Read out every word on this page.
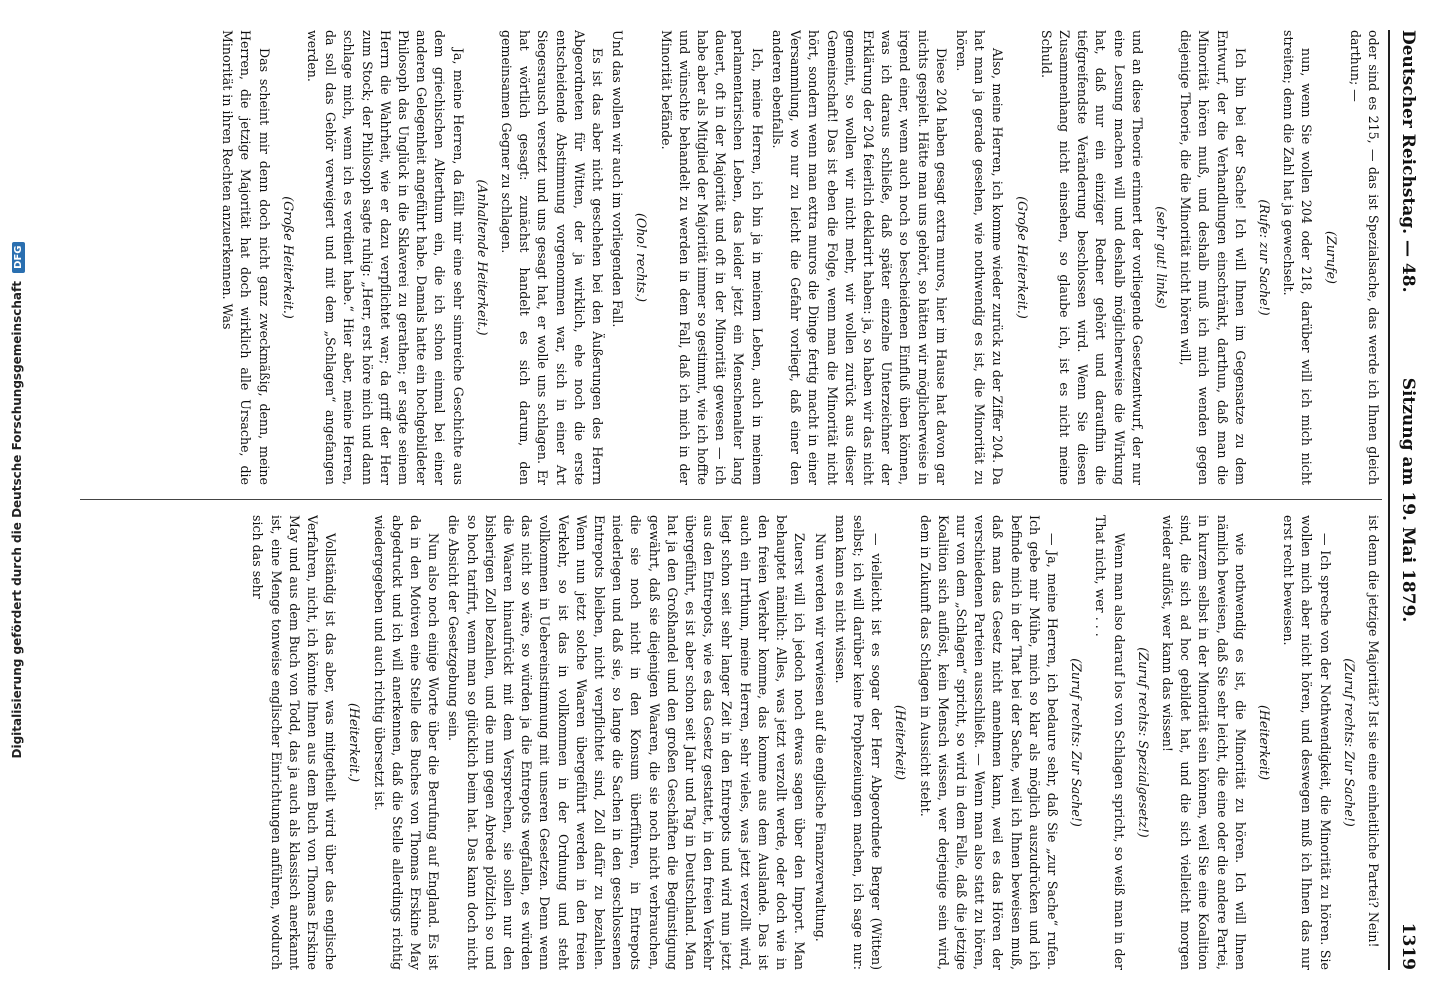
Deutscher Reichstag. — 48.
Sitzung am 19. Mai 1879.
1319

oder sind es 215, — das ist Spezialsache, das werde ich Ihnen gleich darthun; —

(Zurufe)

nun, wenn Sie wollen 204 oder 218, darüber will ich mich nicht streiten; denn die Zahl hat ja gewechselt.

(Rufe: zur Sache!)

Ich bin bei der Sache! Ich will Ihnen im Gegensatze zu dem Entwurf, der die Verhandlungen einschränkt, darthun, daß man die Minorität hören muß, und deshalb muß ich mich wenden gegen diejenige Theorie, die die Minorität nicht hören will,

(sehr gut! links)

und an diese Theorie erinnert der vorliegende Gesetzentwurf, der nur eine Lesung machen will und deshalb möglicherweise die Wirkung hat, daß nur ein einziger Redner gehört und daraufhin die tiefgreifendste Veränderung beschlossen wird. Wenn Sie diesen Zusammenhang nicht einsehen, so glaube ich, ist es nicht meine Schuld.

(Große Heiterkeit.)

Also, meine Herren, ich komme wieder zurück zu der Ziffer 204. Da hat man ja gerade gesehen, wie nothwendig es ist, die Minorität zu hören.

Diese 204 haben gesagt extra muros, hier im Hause hat davon gar nichts gespielt. Hätte man uns gehört, so hätten wir möglicherweise in irgend einer, wenn auch noch so bescheidenen Einfluß üben können, was ich daraus schließe, daß später einzelne Unterzeichner der Erklärung der 204 feierlich deklarirt haben: ja, so haben wir das nicht gemeint, so wollen wir nicht mehr, wir wollen zurück aus dieser Gemeinschaft! Das ist eben die Folge, wenn man die Minorität nicht hört, sondern wenn man extra muros die Dinge fertig macht in einer Versammlung, wo nur zu leicht die Gefahr vorliegt, daß einer den anderen ebenfalls.

Ich, meine Herren, ich bin ja in meinem Leben, auch in meinem parlamentarischen Leben, das leider jetzt ein Menschenalter lang dauert, oft in der Majorität und oft in der Minorität gewesen — ich habe aber als Mitglied der Majorität immer so gestimmt, wie ich hoffte und wünschte behandelt zu werden in dem Fall, daß ich mich in der Minorität befände.

(Oho! rechts.)

Und das wollen wir auch im vorliegenden Fall.

Es ist das aber nicht geschehen bei den Äußerungen des Herrn Abgeordneten für Witten, der ja wirklich, ehe noch die erste entscheidende Abstimmung vorgenommen war, sich in einer Art Siegesrausch versetzt und uns gesagt hat, er wolle uns schlagen. Er hat wörtlich gesagt: zunächst handelt es sich darum, den gemeinsamen Gegner zu schlagen.

(Anhaltende Heiterkeit.)

Ja, meine Herren, da fällt mir eine sehr sinnreiche Geschichte aus dem griechischen Alterthum ein, die ich schon einmal bei einer anderen Gelegenheit angeführt habe. Damals hatte ein hochgebildeter Philosoph das Unglück in die Sklaverei zu gerathen; er sagte seinem Herrn die Wahrheit, wie er dazu verpflichtet war; da griff der Herr zum Stock; der Philosoph sagte ruhig: „Herr, erst höre mich und dann schlage mich, wenn ich es verdient habe.“ Hier aber, meine Herren, da soll das Gehör verweigert und mit dem „Schlagen“ angefangen werden.

(Große Heiterkeit.)

Das scheint mir denn doch nicht ganz zweckmäßig, denn, meine Herren, die jetzige Majorität hat doch wirklich alle Ursache, die Minorität in ihren Rechten anzuerkennen. Was

ist denn die jetzige Majorität? Ist sie eine einheitliche Partei? Nein!

(Zuruf rechts: Zur Sache!)

— Ich spreche von der Nothwendigkeit, die Minorität zu hören. Sie wollen mich aber nicht hören, und deswegen muß ich Ihnen das nur erst recht beweisen.

(Heiterkeit)

wie nothwendig es ist, die Minorität zu hören. Ich will Ihnen nämlich beweisen, daß Sie sehr leicht, die eine oder die andere Partei, in kurzem selbst in der Minorität sein können, weil Sie eine Koalition sind, die sich ad hoc gebildet hat, und die sich vielleicht morgen wieder auflöst, wer kann das wissen!

(Zuruf rechts: Spezialgesetz!)

Wenn man also darauf los von Schlagen spricht, so weiß man in der That nicht, wer . . .

(Zuruf rechts: Zur Sache!)

— Ja, meine Herren, ich bedaure sehr, daß Sie „zur Sache“ rufen. Ich gebe mir Mühe, mich so klar als möglich auszudrücken und ich befinde mich in der That bei der Sache, weil ich Ihnen beweisen muß, daß man das Gesetz nicht annehmen kann, weil es das Hören der verschiedenen Parteien ausschließt. — Wenn man also statt zu hören, nur von dem „Schlagen“ spricht, so wird in dem Falle, daß die jetzige Koalition sich auflöst, kein Mensch wissen, wer derjenige sein wird, dem in Zukunft das Schlagen in Aussicht steht.

(Heiterkeit)

— vielleicht ist es sogar der Herr Abgeordnete Berger (Witten) selbst; ich will darüber keine Prophezeiungen machen, ich sage nur: man kann es nicht wissen.

Nun werden wir verwiesen auf die englische Finanzverwaltung.

Zuerst will ich jedoch noch etwas sagen über den Import. Man behauptet nämlich: Alles, was jetzt verzollt werde, oder doch wie in den freien Verkehr komme, das komme aus dem Auslande. Das ist auch ein Irrthum, meine Herren, sehr vieles, was jetzt verzollt wird, liegt schon seit sehr langer Zeit in den Entrepots und wird nun jetzt aus den Entrepots, wie es das Gesetz gestattet, in den freien Verkehr übergeführt, es ist aber schon seit Jahr und Tag in Deutschland. Man hat ja den Großhandel und den großen Geschäften die Begünstigung gewährt, daß sie diejenigen Waaren, die sie noch nicht verbrauchen, die sie noch nicht in den Konsum überführen, in Entrepots niederlegen und daß sie, so lange die Sachen in den geschlossenen Entrepots bleiben, nicht verpflichtet sind, Zoll dafür zu bezahlen. Wenn nun jetzt solche Waaren übergeführt werden in den freien Verkehr, so ist das in vollkommen in der Ordnung und steht vollkommen in Uebereinstimmung mit unseren Gesetzen. Denn wenn das nicht so wäre, so würden ja die Entrepots wegfallen, es würden die Waaren hinaufrückt mit dem Versprechen, sie sollen nur den bisherigen Zoll bezahlen, und die nun gegen Abrede plötzlich so und so hoch tarifirt, wenn man so glücklich beim hat. Das kann doch nicht die Absicht der Gesetzgebung sein.

Nun also noch einige Worte über die Berufung auf England. Es ist da in den Motiven eine Stelle des Buches von Thomas Erskine May abgedruckt und ich will anerkennen, daß die Stelle allerdings richtig wiedergegeben und auch richtig übersetzt ist.

(Heiterkeit.)

Vollständig ist das aber, was mitgetheilt wird über das englische Verfahren, nicht, ich könnte Ihnen aus dem Buch von Thomas Erskine May und aus dem Buch von Todd, das ja auch als klassisch anerkannt ist, eine Menge tonweise englischer Einrichtungen anführen, wodurch sich das sehr

Digitalisierung gefördert durch die Deutsche Forschungsgemeinschaft DFG
